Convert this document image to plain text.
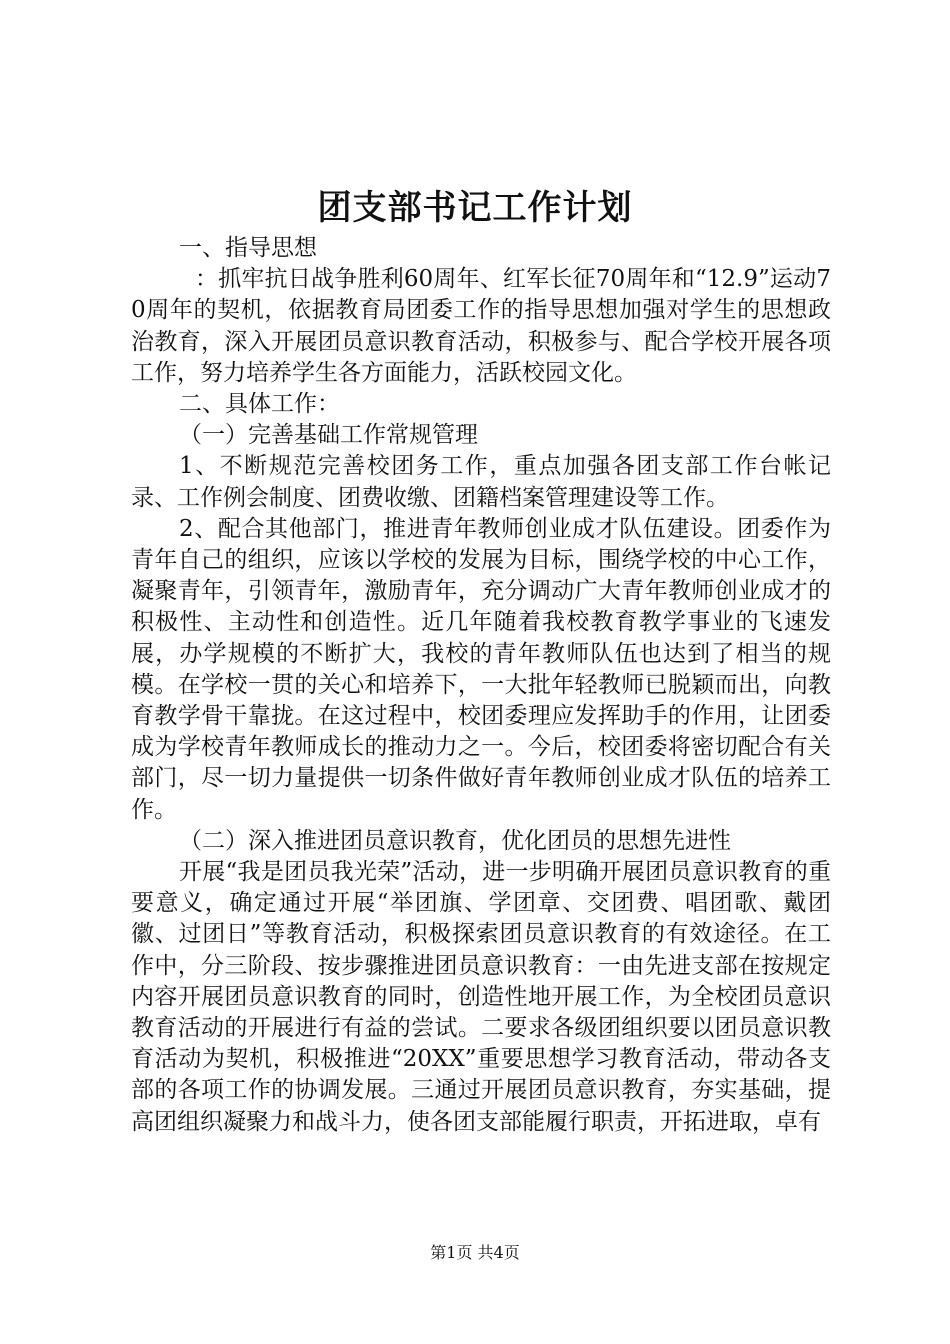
团支部书记工作计划

一、指导思想

：抓牢抗日战争胜利60周年、红军长征70周年和“12.9”运动70周年的契机，依据教育局团委工作的指导思想加强对学生的思想政治教育，深入开展团员意识教育活动，积极参与、配合学校开展各项工作，努力培养学生各方面能力，活跃校园文化。

二、具体工作：

（一）完善基础工作常规管理

1、不断规范完善校团务工作，重点加强各团支部工作台帐记录、工作例会制度、团费收缴、团籍档案管理建设等工作。

2、配合其他部门，推进青年教师创业成才队伍建设。团委作为青年自己的组织，应该以学校的发展为目标，围绕学校的中心工作，凝聚青年，引领青年，激励青年，充分调动广大青年教师创业成才的积极性、主动性和创造性。近几年随着我校教育教学事业的飞速发展，办学规模的不断扩大，我校的青年教师队伍也达到了相当的规模。在学校一贯的关心和培养下，一大批年轻教师已脱颖而出，向教育教学骨干靠拢。在这过程中，校团委理应发挥助手的作用，让团委成为学校青年教师成长的推动力之一。今后，校团委将密切配合有关部门，尽一切力量提供一切条件做好青年教师创业成才队伍的培养工作。

（二）深入推进团员意识教育，优化团员的思想先进性

开展“我是团员我光荣”活动，进一步明确开展团员意识教育的重要意义，确定通过开展“举团旗、学团章、交团费、唱团歌、戴团徽、过团日”等教育活动，积极探索团员意识教育的有效途径。在工作中，分三阶段、按步骤推进团员意识教育：一由先进支部在按规定内容开展团员意识教育的同时，创造性地开展工作，为全校团员意识教育活动的开展进行有益的尝试。二要求各级团组织要以团员意识教育活动为契机，积极推进“20XX”重要思想学习教育活动，带动各支部的各项工作的协调发展。三通过开展团员意识教育，夯实基础，提高团组织凝聚力和战斗力，使各团支部能履行职责，开拓进取，卓有

第1页 共4页
